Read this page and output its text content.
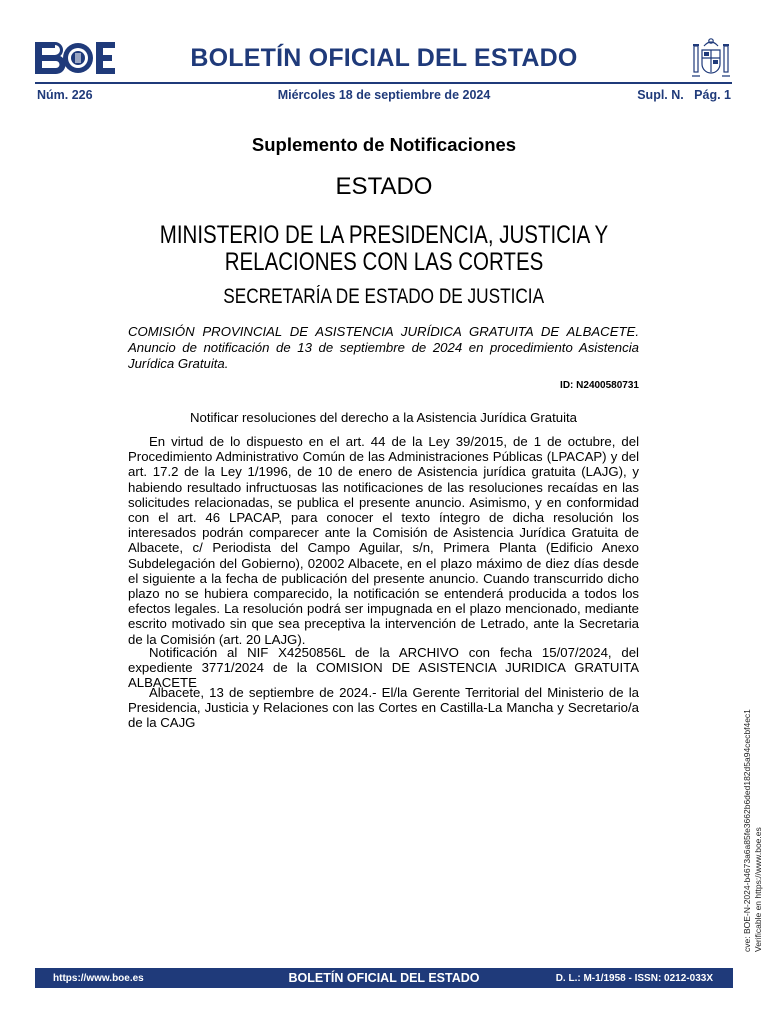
BOLETÍN OFICIAL DEL ESTADO
Núm. 226	Miércoles 18 de septiembre de 2024	Supl. N.   Pág. 1
Suplemento de Notificaciones
ESTADO
MINISTERIO DE LA PRESIDENCIA, JUSTICIA Y RELACIONES CON LAS CORTES
SECRETARÍA DE ESTADO DE JUSTICIA
COMISIÓN PROVINCIAL DE ASISTENCIA JURÍDICA GRATUITA DE ALBACETE. Anuncio de notificación de 13 de septiembre de 2024 en procedimiento Asistencia Jurídica Gratuita.
ID: N2400580731
Notificar resoluciones del derecho a la Asistencia Jurídica Gratuita
En virtud de lo dispuesto en el art. 44 de la Ley 39/2015, de 1 de octubre, del Procedimiento Administrativo Común de las Administraciones Públicas (LPACAP) y del art. 17.2 de la Ley 1/1996, de 10 de enero de Asistencia jurídica gratuita (LAJG), y habiendo resultado infructuosas las notificaciones de las resoluciones recaídas en las solicitudes relacionadas, se publica el presente anuncio. Asimismo, y en conformidad con el art. 46 LPACAP, para conocer el texto íntegro de dicha resolución los interesados podrán comparecer ante la Comisión de Asistencia Jurídica Gratuita de Albacete, c/ Periodista del Campo Aguilar, s/n, Primera Planta (Edificio Anexo Subdelegación del Gobierno), 02002 Albacete, en el plazo máximo de diez días desde el siguiente a la fecha de publicación del presente anuncio. Cuando transcurrido dicho plazo no se hubiera comparecido, la notificación se entenderá producida a todos los efectos legales. La resolución podrá ser impugnada en el plazo mencionado, mediante escrito motivado sin que sea preceptiva la intervención de Letrado, ante la Secretaria de la Comisión (art. 20 LAJG).
Notificación al NIF X4250856L de la ARCHIVO con fecha 15/07/2024, del expediente 3771/2024 de la COMISION DE ASISTENCIA JURIDICA GRATUITA ALBACETE
Albacete, 13 de septiembre de 2024.- El/la Gerente Territorial del Ministerio de la Presidencia, Justicia y Relaciones con las Cortes en Castilla-La Mancha y Secretario/a de la CAJG	cve: BOE-N-2024-b4673a6a85fe3662b6ded182d5a94cecbf4ec1 Verificable en https://www.boe.es
https://www.boe.es	BOLETÍN OFICIAL DEL ESTADO	D. L.: M-1/1958 - ISSN: 0212-033X
